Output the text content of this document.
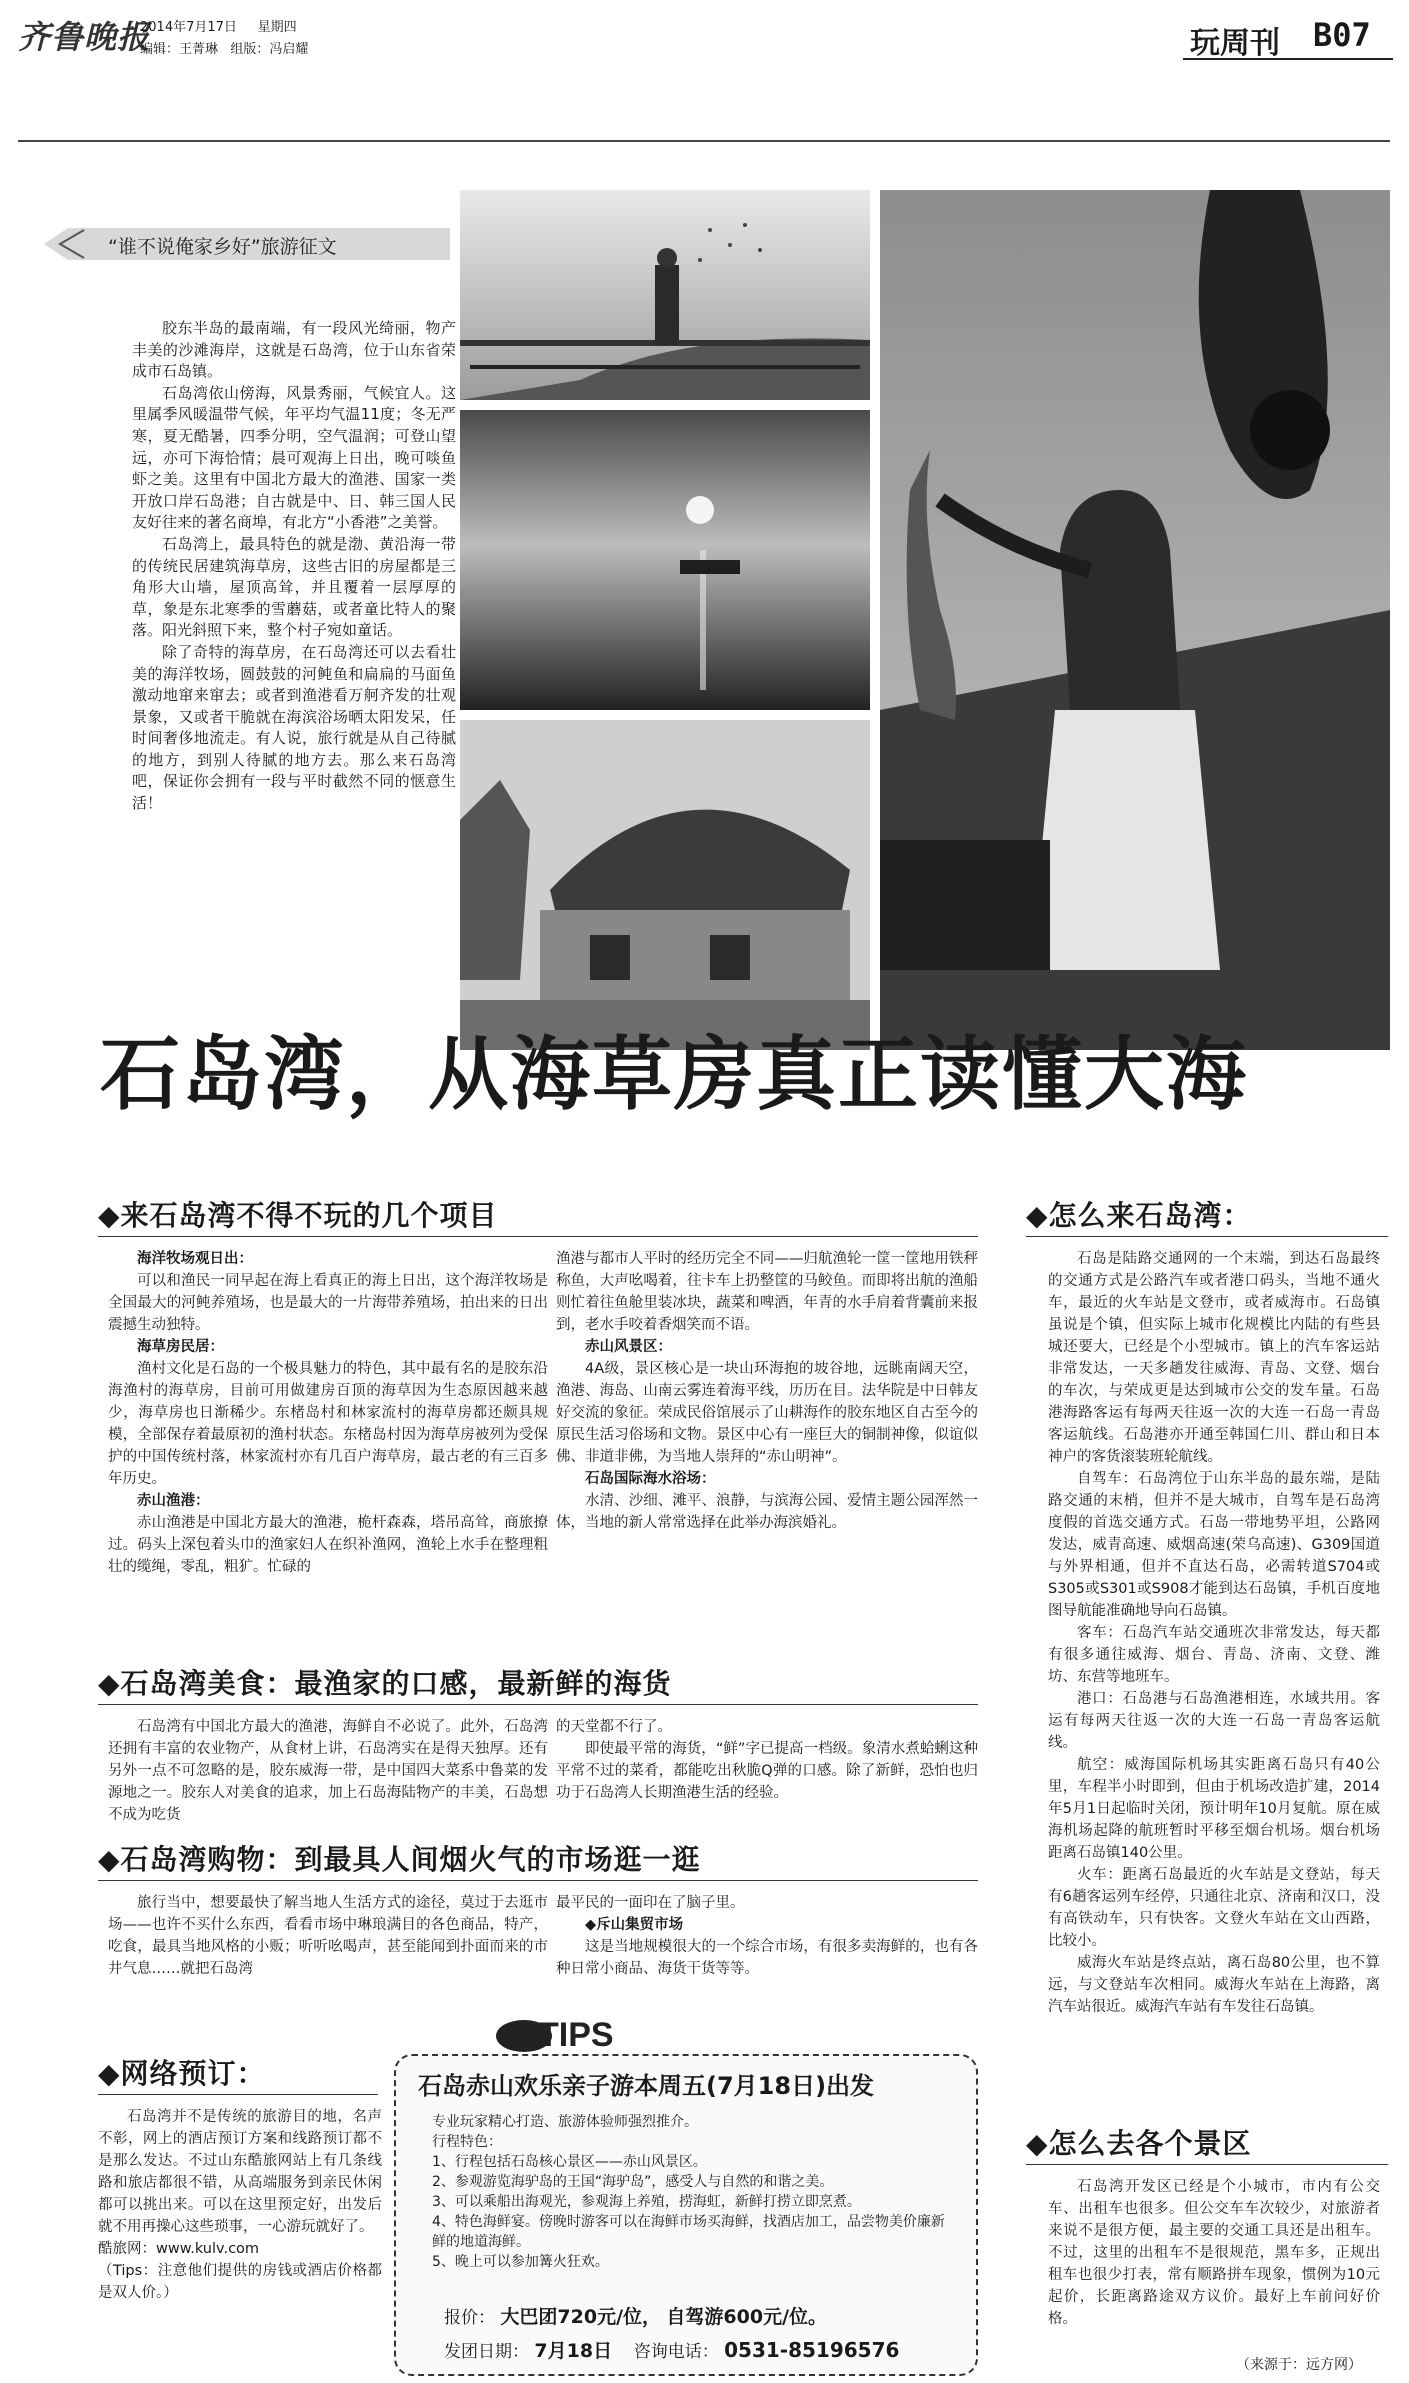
齐鲁晚报
2014年7月17日 星期四
编辑：王菁琳 组版：冯启耀	玩周刊 B07
“谁不说俺家乡好”旅游征文

胶东半岛的最南端，有一段风光绮丽，物产丰美的沙滩海岸，这就是石岛湾，位于山东省荣成市石岛镇。

石岛湾依山傍海，风景秀丽，气候宜人。这里属季风暖温带气候，年平均气温11度；冬无严寒，夏无酷暑，四季分明，空气温润；可登山望远，亦可下海恰情；晨可观海上日出，晚可啖鱼虾之美。这里有中国北方最大的渔港、国家一类开放口岸石岛港；自古就是中、日、韩三国人民友好往来的著名商埠，有北方“小香港”之美誉。

石岛湾上，最具特色的就是渤、黄沿海一带的传统民居建筑海草房，这些古旧的房屋都是三角形大山墙，屋顶高耸，并且覆着一层厚厚的草，象是东北寒季的雪蘑菇，或者童比特人的聚落。阳光斜照下来，整个村子宛如童话。

除了奇特的海草房，在石岛湾还可以去看壮美的海洋牧场，圆鼓鼓的河鲀鱼和扁扁的马面鱼激动地窜来窜去；或者到渔港看万舸齐发的壮观景象，又或者干脆就在海滨浴场晒太阳发呆，任时间奢侈地流走。有人说，旅行就是从自己待腻的地方，到别人待腻的地方去。那么来石岛湾吧，保证你会拥有一段与平时截然不同的惬意生活！

石岛湾，从海草房真正读懂大海
◆来石岛湾不得不玩的几个项目

海洋牧场观日出：

可以和渔民一同早起在海上看真正的海上日出，这个海洋牧场是全国最大的河鲀养殖场，也是最大的一片海带养殖场，拍出来的日出震撼生动独特。

海草房民居：

渔村文化是石岛的一个极具魅力的特色，其中最有名的是胶东沿海渔村的海草房，目前可用做建房百顶的海草因为生态原因越来越少，海草房也日渐稀少。东楮岛村和林家流村的海草房都还颇具规模，全部保存着最原初的渔村状态。东楮岛村因为海草房被列为受保护的中国传统村落，林家流村亦有几百户海草房，最古老的有三百多年历史。

赤山渔港：

赤山渔港是中国北方最大的渔港，桅杆森森，塔吊高耸，商旅撩过。码头上深包着头巾的渔家妇人在织补渔网，渔轮上水手在整理粗壮的缆绳，零乱，粗犷。忙碌的

渔港与都市人平时的经历完全不同——归航渔轮一筐一筐地用铁秤称鱼，大声吆喝着，往卡车上扔整筐的马鲛鱼。而即将出航的渔船则忙着往鱼舱里装冰块，蔬菜和啤酒，年青的水手肩着背囊前来报到，老水手咬着香烟笑而不语。

赤山风景区：

4A级，景区核心是一块山环海抱的坡谷地，远眺南阔天空，渔港、海岛、山南云雾连着海平线，历历在目。法华院是中日韩友好交流的象征。荣成民俗馆展示了山耕海作的胶东地区自古至今的原民生活习俗场和文物。景区中心有一座巨大的铜制神像，似谊似佛、非道非佛，为当地人崇拜的“赤山明神”。

石岛国际海水浴场：

水清、沙细、滩平、浪静，与滨海公园、爱情主题公园浑然一体，当地的新人常常选择在此举办海滨婚礼。

◆石岛湾美食：最渔家的口感，最新鲜的海货

石岛湾有中国北方最大的渔港，海鲜自不必说了。此外，石岛湾还拥有丰富的农业物产，从食材上讲，石岛湾实在是得天独厚。还有另外一点不可忽略的是，胶东威海一带，是中国四大菜系中鲁菜的发源地之一。胶东人对美食的追求，加上石岛海陆物产的丰美，石岛想不成为吃货

的天堂都不行了。

即使最平常的海货，“鲜”字已提高一档级。象清水煮蛤蜊这种平常不过的菜肴，都能吃出秋脆Q弹的口感。除了新鲜，恐怕也归功于石岛湾人长期渔港生活的经验。

◆石岛湾购物：到最具人间烟火气的市场逛一逛

旅行当中，想要最快了解当地人生活方式的途径，莫过于去逛市场——也许不买什么东西，看看市场中琳琅满目的各色商品，特产，吃食，最具当地风格的小贩；听听吆喝声，甚至能闻到扑面而来的市井气息……就把石岛湾

最平民的一面印在了脑子里。

◆斥山集贸市场

这是当地规模很大的一个综合市场，有很多卖海鲜的，也有各种日常小商品、海货干货等等。

◆网络预订：

石岛湾并不是传统的旅游目的地，名声不彰，网上的酒店预订方案和线路预订都不是那么发达。不过山东酷旅网站上有几条线路和旅店都很不错，从高端服务到亲民休闲都可以挑出来。可以在这里预定好，出发后就不用再操心这些琐事，一心游玩就好了。

酷旅网：www.kulv.com

（Tips：注意他们提供的房钱或酒店价格都是双人价。）

TIPS
石岛赤山欢乐亲子游本周五(7月18日)出发
专业玩家精心打造、旅游体验师强烈推介。
行程特色：
1、行程包括石岛核心景区——赤山风景区。
2、参观游览海驴岛的王国“海驴岛”，感受人与自然的和谐之美。
3、可以乘船出海观光，参观海上养殖，捞海虹，新鲜打捞立即烹煮。
4、特色海鲜宴。傍晚时游客可以在海鲜市场买海鲜，找酒店加工，品尝物美价廉新鲜的地道海鲜。
5、晚上可以参加篝火狂欢。
报价： 大巴团720元/位， 自驾游600元/位。
发团日期： 7月18日 咨询电话： 0531-85196576
◆怎么来石岛湾：

石岛是陆路交通网的一个末端，到达石岛最终的交通方式是公路汽车或者港口码头，当地不通火车，最近的火车站是文登市，或者威海市。石岛镇虽说是个镇，但实际上城市化规模比内陆的有些县城还要大，已经是个小型城市。镇上的汽车客运站非常发达，一天多趟发往威海、青岛、文登、烟台的车次，与荣成更是达到城市公交的发车量。石岛港海路客运有每两天往返一次的大连一石岛一青岛客运航线。石岛港亦开通至韩国仁川、群山和日本神户的客货滚装班轮航线。

自驾车：石岛湾位于山东半岛的最东端，是陆路交通的末梢，但并不是大城市，自驾车是石岛湾度假的首选交通方式。石岛一带地势平坦，公路网发达，威青高速、威烟高速(荣乌高速)、G309国道与外界相通，但并不直达石岛，必需转道S704或S305或S301或S908才能到达石岛镇，手机百度地图导航能准确地导向石岛镇。

客车：石岛汽车站交通班次非常发达，每天都有很多通往威海、烟台、青岛、济南、文登、潍坊、东营等地班车。

港口：石岛港与石岛渔港相连，水域共用。客运有每两天往返一次的大连一石岛一青岛客运航线。

航空：威海国际机场其实距离石岛只有40公里，车程半小时即到，但由于机场改造扩建，2014年5月1日起临时关闭，预计明年10月复航。原在威海机场起降的航班暂时平移至烟台机场。烟台机场距离石岛镇140公里。

火车：距离石岛最近的火车站是文登站，每天有6趟客运列车经停，只通往北京、济南和汉口，没有高铁动车，只有快客。文登火车站在文山西路，比较小。

威海火车站是终点站，离石岛80公里，也不算远，与文登站车次相同。威海火车站在上海路，离汽车站很近。威海汽车站有车发往石岛镇。

◆怎么去各个景区

石岛湾开发区已经是个小城市，市内有公交车、出租车也很多。但公交车车次较少，对旅游者来说不是很方便，最主要的交通工具还是出租车。不过，这里的出租车不是很规范，黑车多，正规出租车也很少打表，常有顺路拼车现象，惯例为10元起价，长距离路途双方议价。最好上车前问好价格。

（来源于：远方网）
